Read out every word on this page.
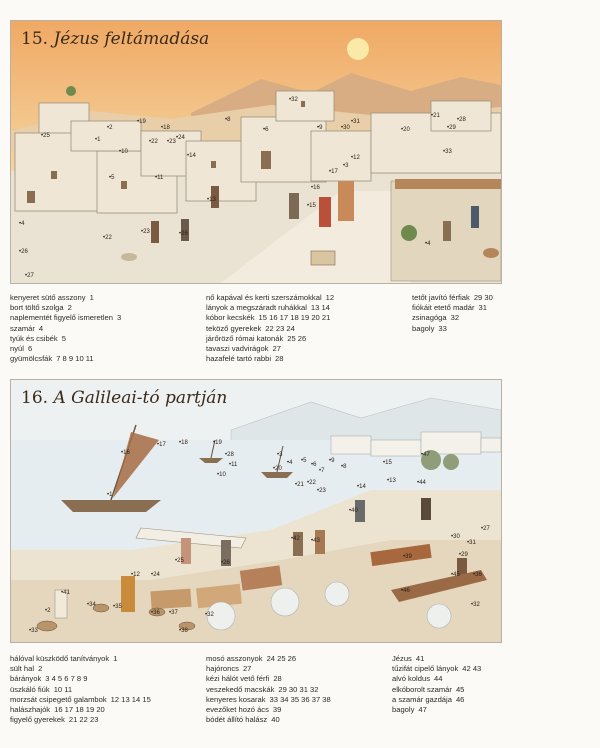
•25
•2
•19
•18
•24
•22 •23
•8
•1
•10
•14
•32
•6	•9	•30
•31
•20
•21
•29
•28
•12
•33
•11
•17
•5
•3
•16
•13
•15
•4
•22
•23	•26
•26
•4
•27
15. Jézus feltámadása
kenyeret sütő asszony 1
bort töltő szolga 2
naplementét figyelő ismeretlen 3
szamár 4
tyúk és csibék 5
nyúl 6
gyümölcsfák 7 8 9 10 11
nő kapával és kerti szerszámokkal 12
lányok a megszáradt ruhákkal 13 14
kóbor kecskék 15 16 17 18 19 20 21
teköző gyerekek 22 23 24
járőröző római katonák 25 26
tavaszi vadvirágok 27
hazafelé tartó rabbi 28
tetőt javító férfiak 29 30
fiókáit etető madár 31
zsinagóga 32
bagoly 33
•17 •18	•19
•16	•28
•11
•10
•3
•4
•20
•5
•6
•9
•7
•8
•47
•15
•13
•14
•1
•21 •22
•23
•44
•40
•27
•42 •43
•30
•31
•29
•39
•45 •36
•25	•26
•24
•12
•41	•46
•34	•35
•36 •37	•32
•2
•33	•38
•32
16. A Galileai-tó partján
hálóval küszködő tanítványok 1
sült hal 2
bárányok 3 4 5 6 7 8 9
üszkáló fiúk 10 11
morzsát csipegető galambok 12 13 14 15
halászhajók 16 17 18 19 20
figyelő gyerekek 21 22 23
mosó asszonyok 24 25 26
hajóroncs 27
kézi hálót vető férfi 28
veszekedő macskák 29 30 31 32
kenyeres kosarak 33 34 35 36 37 38
evezőket hozó ács 39
bódét állító halász 40
Jézus 41
tűzifát cipelő lányok 42 43
alvó koldus 44
elkóborolt szamár 45
a szamár gazdája 46
bagoly 47
